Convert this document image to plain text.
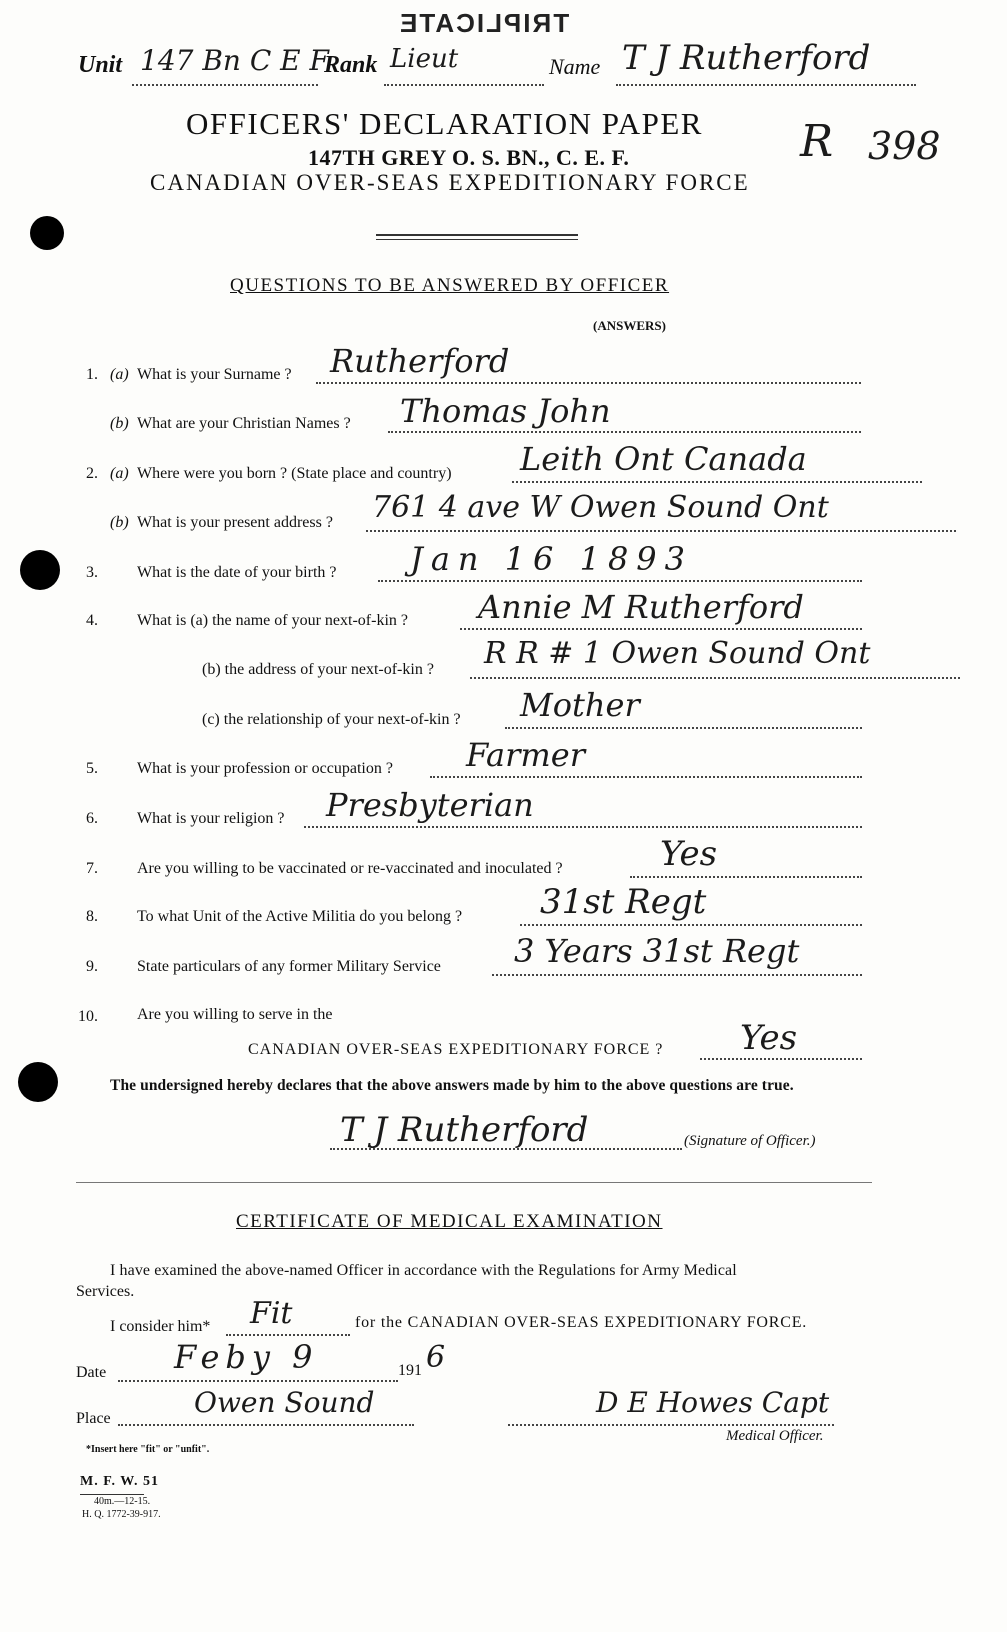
TRIPLICATE
Unit 147 Bn C E F
Rank Lieut	Name T J Rutherford
R 398
OFFICERS' DECLARATION PAPER
147TH GREY O. S. BN., C. E. F.
CANADIAN OVER-SEAS EXPEDITIONARY FORCE
QUESTIONS TO BE ANSWERED BY OFFICER
(ANSWERS)
1. (a) What is your Surname ? Rutherford
(b) What are your Christian Names ? Thomas John
2. (a) Where were you born ? (State place and country) Leith Ont Canada
(b) What is your present address ? 761 4 ave W Owen Sound Ont
3. What is the date of your birth ? Jan 16 1893
4. What is (a) the name of your next-of-kin ? Annie M Rutherford
(b) the address of your next-of-kin ? R R # 1 Owen Sound Ont
(c) the relationship of your next-of-kin ? Mother
5. What is your profession or occupation ? Farmer
6. What is your religion ? Presbyterian
7. Are you willing to be vaccinated or re-vaccinated and inoculated ?	Yes
8. To what Unit of the Active Militia do you belong ? 31st Regt
9. State particulars of any former Military Service 3 Years 31st Regt
10. Are you willing to serve in the
CANADIAN OVER-SEAS EXPEDITIONARY FORCE ? Yes
The undersigned hereby declares that the above answers made by him to the above questions are true.
T J Rutherford	(Signature of Officer.)
CERTIFICATE OF MEDICAL EXAMINATION
I have examined the above-named Officer in accordance with the Regulations for Army Medical
Services.
I consider him* Fit	for the CANADIAN OVER-SEAS EXPEDITIONARY FORCE.
Date Feby 9	191 6
Place	Owen Sound	D E Howes Capt
Medical Officer.
*Insert here "fit" or "unfit".
M. F. W. 51
40m.—12-15.
H. Q. 1772-39-917.
